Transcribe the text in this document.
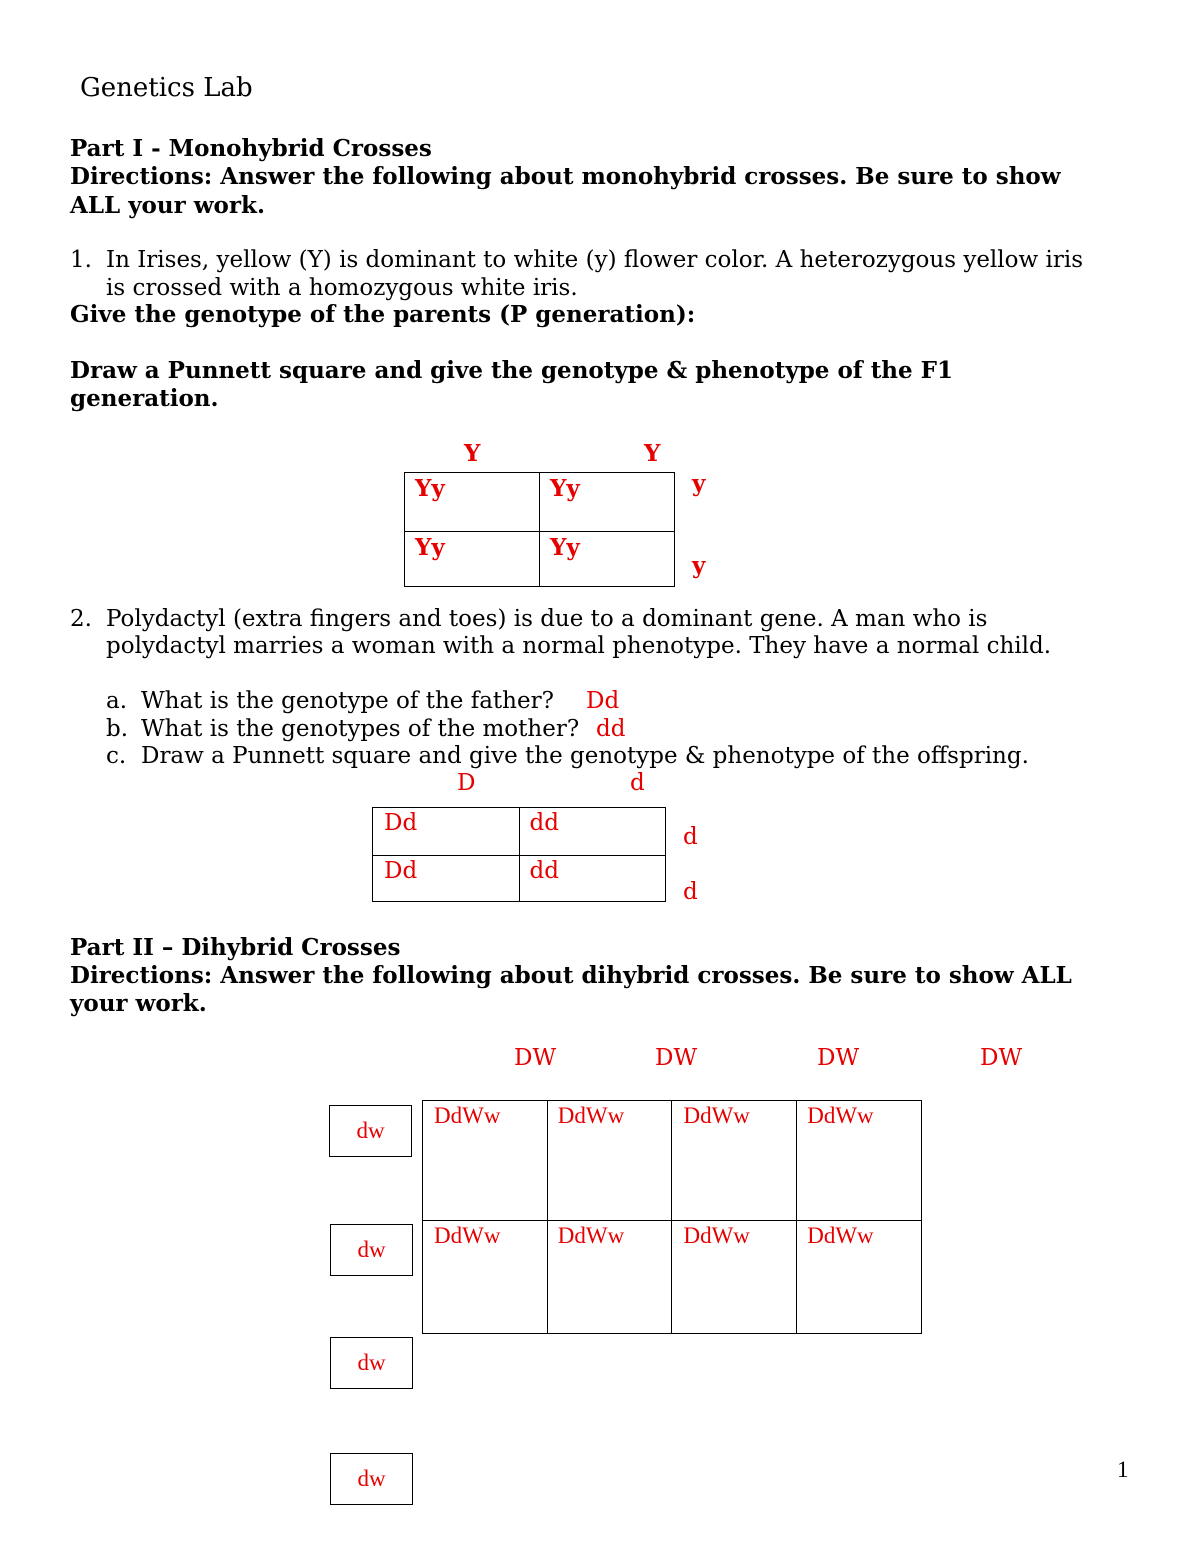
Genetics Lab
Part I - Monohybrid Crosses
Directions: Answer the following about monohybrid crosses. Be sure to show
ALL your work.
1. In Irises, yellow (Y) is dominant to white (y) flower color. A heterozygous yellow iris
is crossed with a homozygous white iris.
Give the genotype of the parents (P generation):
Draw a Punnett square and give the genotype & phenotype of the F1
generation.
Y	Y
y
y
Yy	Yy

Yy	Yy
2. Polydactyl (extra fingers and toes) is due to a dominant gene. A man who is
polydactyl marries a woman with a normal phenotype. They have a normal child.
a. What is the genotype of the father? Dd
b. What is the genotypes of the mother? dd
c. Draw a Punnett square and give the genotype & phenotype of the offspring.
D	d
d
d
Dd	dd

Dd	dd
Part II – Dihybrid Crosses
Directions: Answer the following about dihybrid crosses. Be sure to show ALL
your work.
DW	DW	DW	DW
dw
dw
dw
dw
DdWw	DdWw	DdWw	DdWw

DdWw	DdWw	DdWw	DdWw
1
